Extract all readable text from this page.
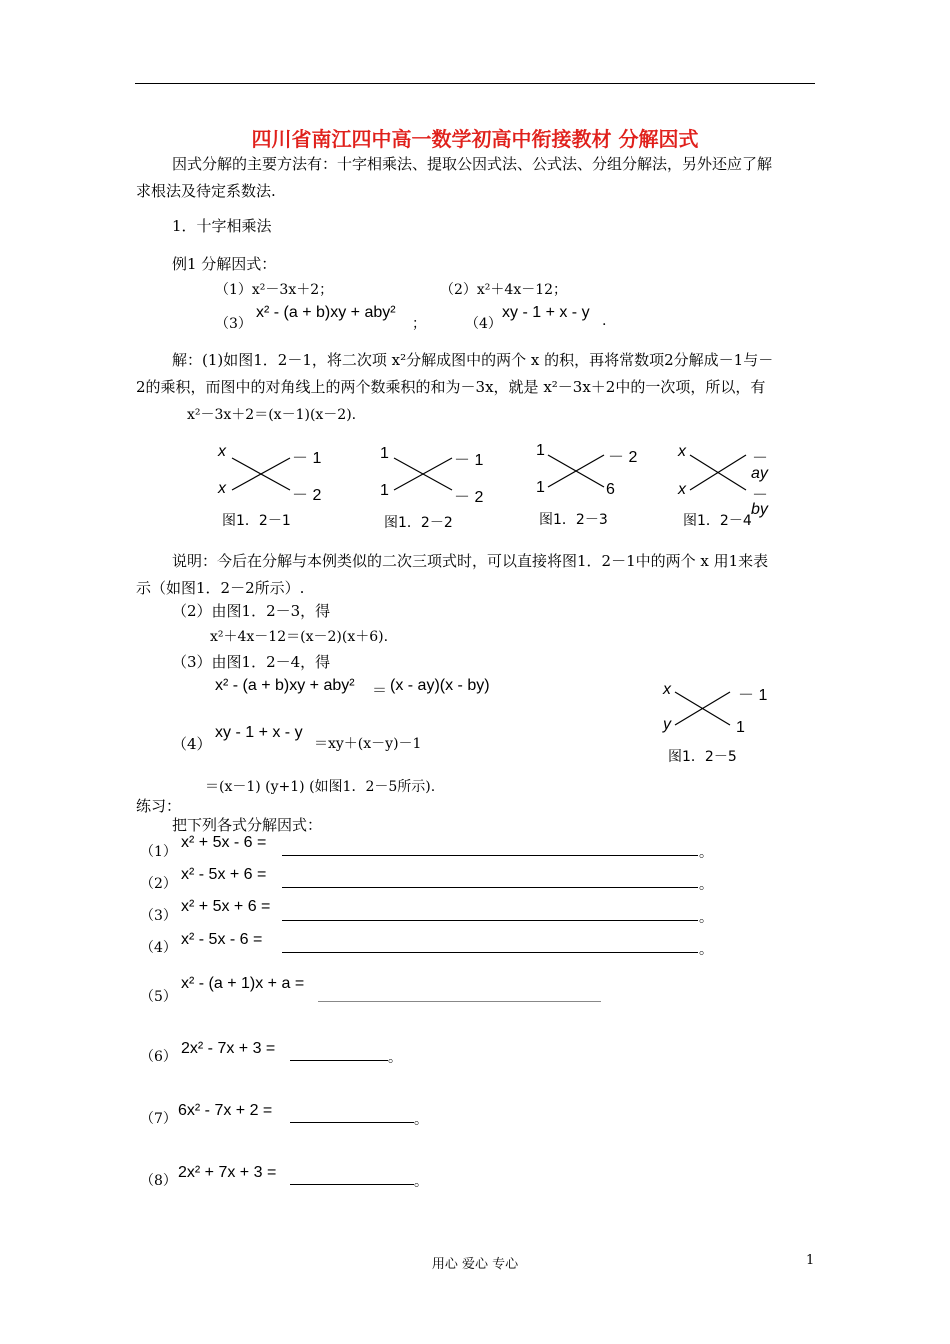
四川省南江四中高一数学初高中衔接教材 分解因式
因式分解的主要方法有：十字相乘法、提取公因式法、公式法、分组分解法，另外还应了解
求根法及待定系数法.
1．十字相乘法
例1 分解因式：
（1）x²－3x＋2；	（2）x²＋4x－12；
（3）
x² - (a + b)xy + aby²
；	（4）
xy - 1 + x - y .
解：(1)如图1．2－1，将二次项 x²分解成图中的两个 x 的积，再将常数项2分解成－1与－
2的乘积，而图中的对角线上的两个数乘积的和为－3x，就是 x²－3x＋2中的一次项，所以，有
x²－3x＋2＝(x－1)(x－2).
x	－ 1
x	－ 2
图1．2－1
1	－ 1
1	－ 2
图1．2－2
1	－ 2
1	6
图1．2－3
x	－
ay
x	－
by
图1．2－4
说明：今后在分解与本例类似的二次三项式时，可以直接将图1．2－1中的两个 x 用1来表
示（如图1．2－2所示）.
（2）由图1．2－3，得
x²＋4x－12＝(x－2)(x＋6).
（3）由图1．2－4，得
x² - (a + b)xy + aby² ＝ (x - ay)(x - by)
（4）
xy - 1 + x - y
＝xy＋(x－y)－1
＝(x－1) (y+1) (如图1．2－5所示).
x	－ 1
y	1
图1．2－5
练习：
把下列各式分解因式：
（1）
x² + 5x - 6 =
。
（2）
x² - 5x + 6 =
。
（3）
x² + 5x + 6 =
。
（4） x² - 5x - 6 =
。
（5）
x² - (a + 1)x + a =
（6） 2x² - 7x + 3 =
。
（7） 6x² - 7x + 2 =
。
（8） 2x² + 7x + 3 =
。
用心 爱心 专心	1
